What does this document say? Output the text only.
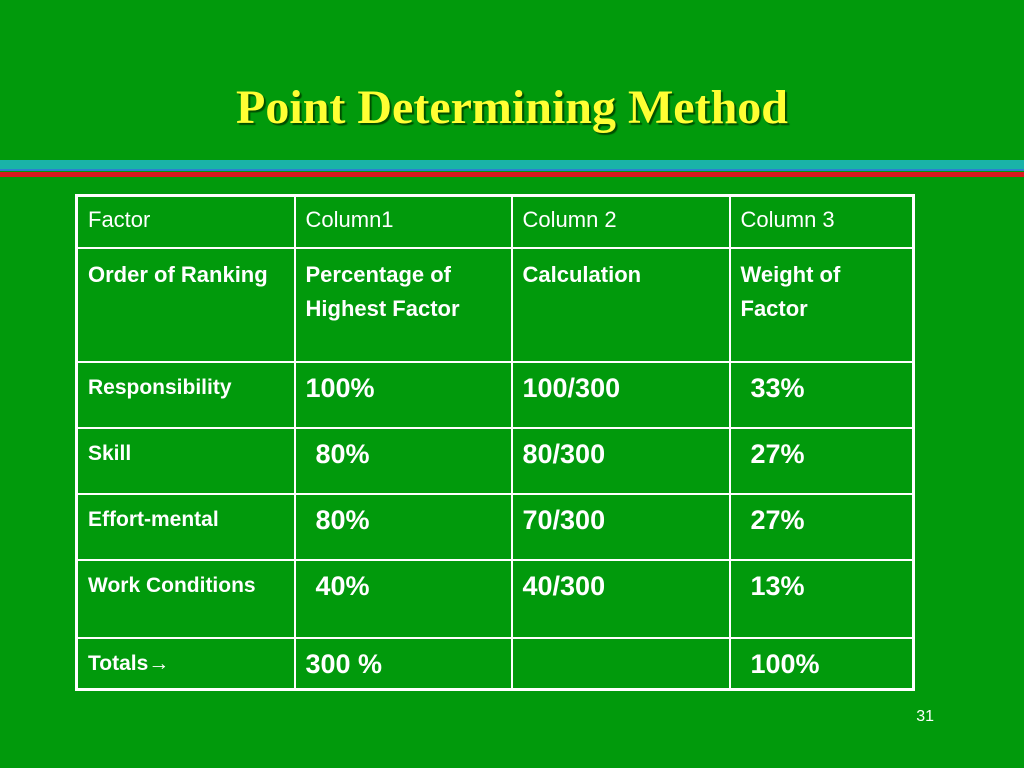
Point Determining Method
Factor	Column1	Column 2	Column 3
Order of Ranking	Percentage of Highest Factor	Calculation	Weight of Factor
Responsibility	100%	100/300	33%
Skill	80%	80/300	27%
Effort-mental	80%	70/300	27%
Work Conditions	40%	40/300	13%
Totals→	300 %		100%
31
